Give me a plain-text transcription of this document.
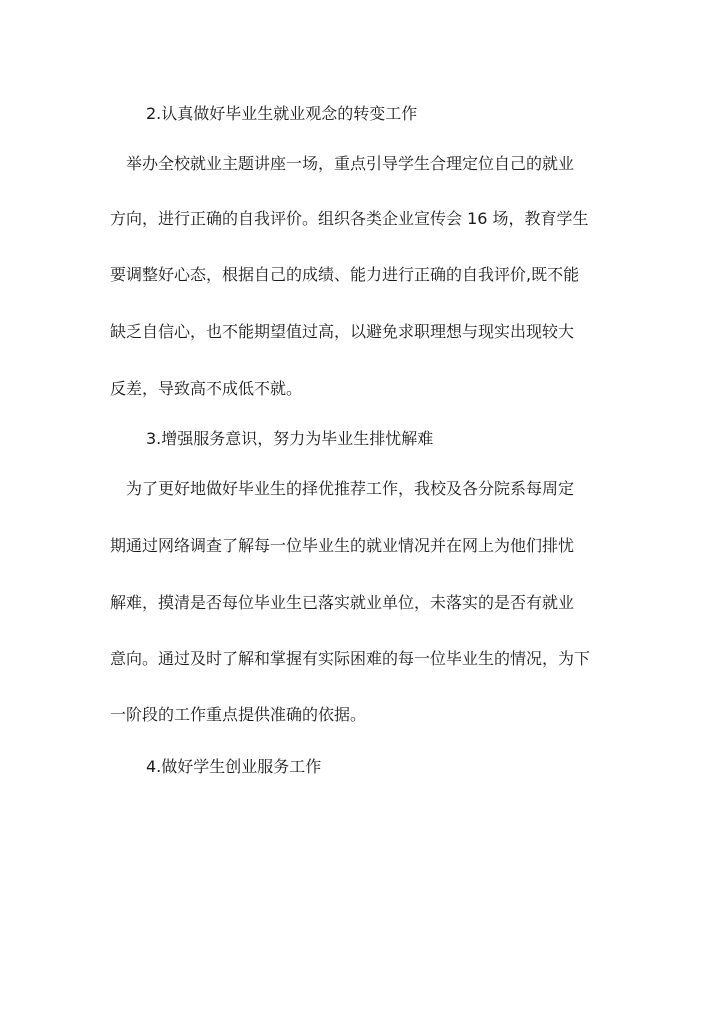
2.认真做好毕业生就业观念的转变工作
举办全校就业主题讲座一场，重点引导学生合理定位自己的就业
方向，进行正确的自我评价。组织各类企业宣传会 16 场，教育学生
要调整好心态，根据自己的成绩、能力进行正确的自我评价,既不能
缺乏自信心，也不能期望值过高，以避免求职理想与现实出现较大
反差，导致高不成低不就。
3.增强服务意识，努力为毕业生排忧解难
为了更好地做好毕业生的择优推荐工作，我校及各分院系每周定
期通过网络调查了解每一位毕业生的就业情况并在网上为他们排忧
解难，摸清是否每位毕业生已落实就业单位，未落实的是否有就业
意向。通过及时了解和掌握有实际困难的每一位毕业生的情况，为下
一阶段的工作重点提供准确的依据。
4.做好学生创业服务工作
